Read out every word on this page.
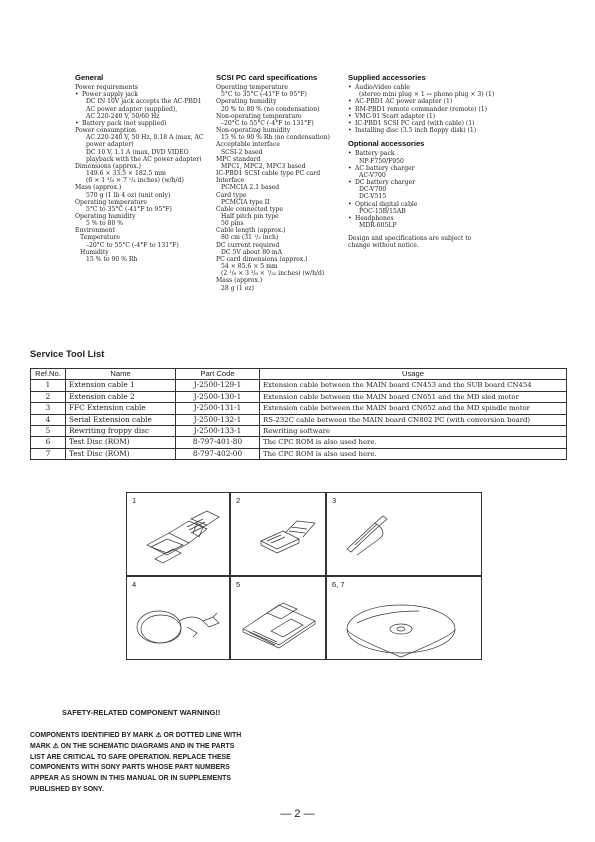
General
Power requirements
• Power supply jack
DC IN 10V jack accepts the AC-PBD1
AC power adapter (supplied),
AC 220-240 V, 50/60 Hz
• Battery pack (not supplied)
Power consumption
AC 220-240 V, 50 Hz, 0.18 A (max, AC
power adapter)
DC 10 V, 1.1 A (max, DVD VIDEO
playback with the AC power adapter)
Dimensions (approx.)
149.6 × 33.5 × 182.5 mm
(6 × 1 ³/₈ × 7 ¹/₄ inches) (w/h/d)
Mass (approx.)
570 g (1 lb 4 oz) (unit only)
Operating temperature
5°C to 35°C (-41°F to 95°F)
Operating humidity
5 % to 80 %
Environment
Temperature
–20°C to 55°C (-4°F to 131°F)
Humidity
15 % to 90 % Rh
SCSI PC card specifications
Operating temperature
5°C to 35°C (-41°F to 95°F)
Operating humidity
20 % to 80 % (no condensation)
Non-operating temperature
–20°C to 55°C (-4°F to 131°F)
Non-operating humidity
15 % to 90 % Rh (no condensation)
Acceptable interface
SCSI-2 based
MPC standard
MPC1, MPC2, MPC3 based
IC-PBD1 SCSI cable type PC card
Interface
PCMCIA 2.1 based
Card type
PCMCIA type II
Cable connected type
Half pitch pin type
50 pins
Cable length (approx.)
80 cm (31 ¹/₂ inch)
DC current required
DC 5V about 80 mA
PC card dimensions (approx.)
54 × 85.6 × 5 mm
(2 ¹/₈ × 3 ³/₈ × ⁷/₃₂ inches) (w/h/d)
Mass (approx.)
28 g (1 oz)
Supplied accessories
• Audio/video cable
(stereo mini plug × 1 ↔ phono plug × 3) (1)
• AC-PBD1 AC power adapter (1)
• RM-PBD1 remote commander (remote) (1)
• VMC-91 Scart adapter (1)
• IC-PBD1 SCSI PC card (with cable) (1)
• Installing disc (3.5 inch floppy disk) (1)
Optional accessories
• Battery pack
NP-F750/F950
• AC battery charger
AC-V700
• DC battery charger
DC-V700
DC-V515
• Optical digital cable
POC-15B/15AB
• Headphones
MDR-605LP
Design and specifications are subject to
change without notice.
Service Tool List
Ref.No.	Name	Part Code	Usage
1	Extension cable 1	J-2500-129-1	Extension cable between the MAIN board CN453 and the SUB board CN454
2	Extension cable 2	J-2500-130-1	Extension cable between the MAIN board CN651 and the MD sled motor
3	FFC Extension cable	J-2500-131-1	Extension cable between the MAIN board CN652 and the MD spindle motor
4	Serial Extension cable	J-2500-132-1	RS-232C cable between the MAIN board CN802 PC (with conversion board)
5	Rewriting froppy disc	J-2500-133-1	Rewriting software
6	Test Disc (ROM)	8-797-401-80	The CPC ROM is also used here.
7	Test Disc (ROM)	8-797-402-00	The CPC ROM is also used here.
1	2	3
4	5	6, 7
SAFETY-RELATED COMPONENT WARNING!!
COMPONENTS IDENTIFIED BY MARK ⚠ OR DOTTED LINE WITH
MARK ⚠ ON THE SCHEMATIC DIAGRAMS AND IN THE PARTS
LIST ARE CRITICAL TO SAFE OPERATION. REPLACE THESE
COMPONENTS WITH SONY PARTS WHOSE PART NUMBERS
APPEAR AS SHOWN IN THIS MANUAL OR IN SUPPLEMENTS
PUBLISHED BY SONY.
— 2 —
